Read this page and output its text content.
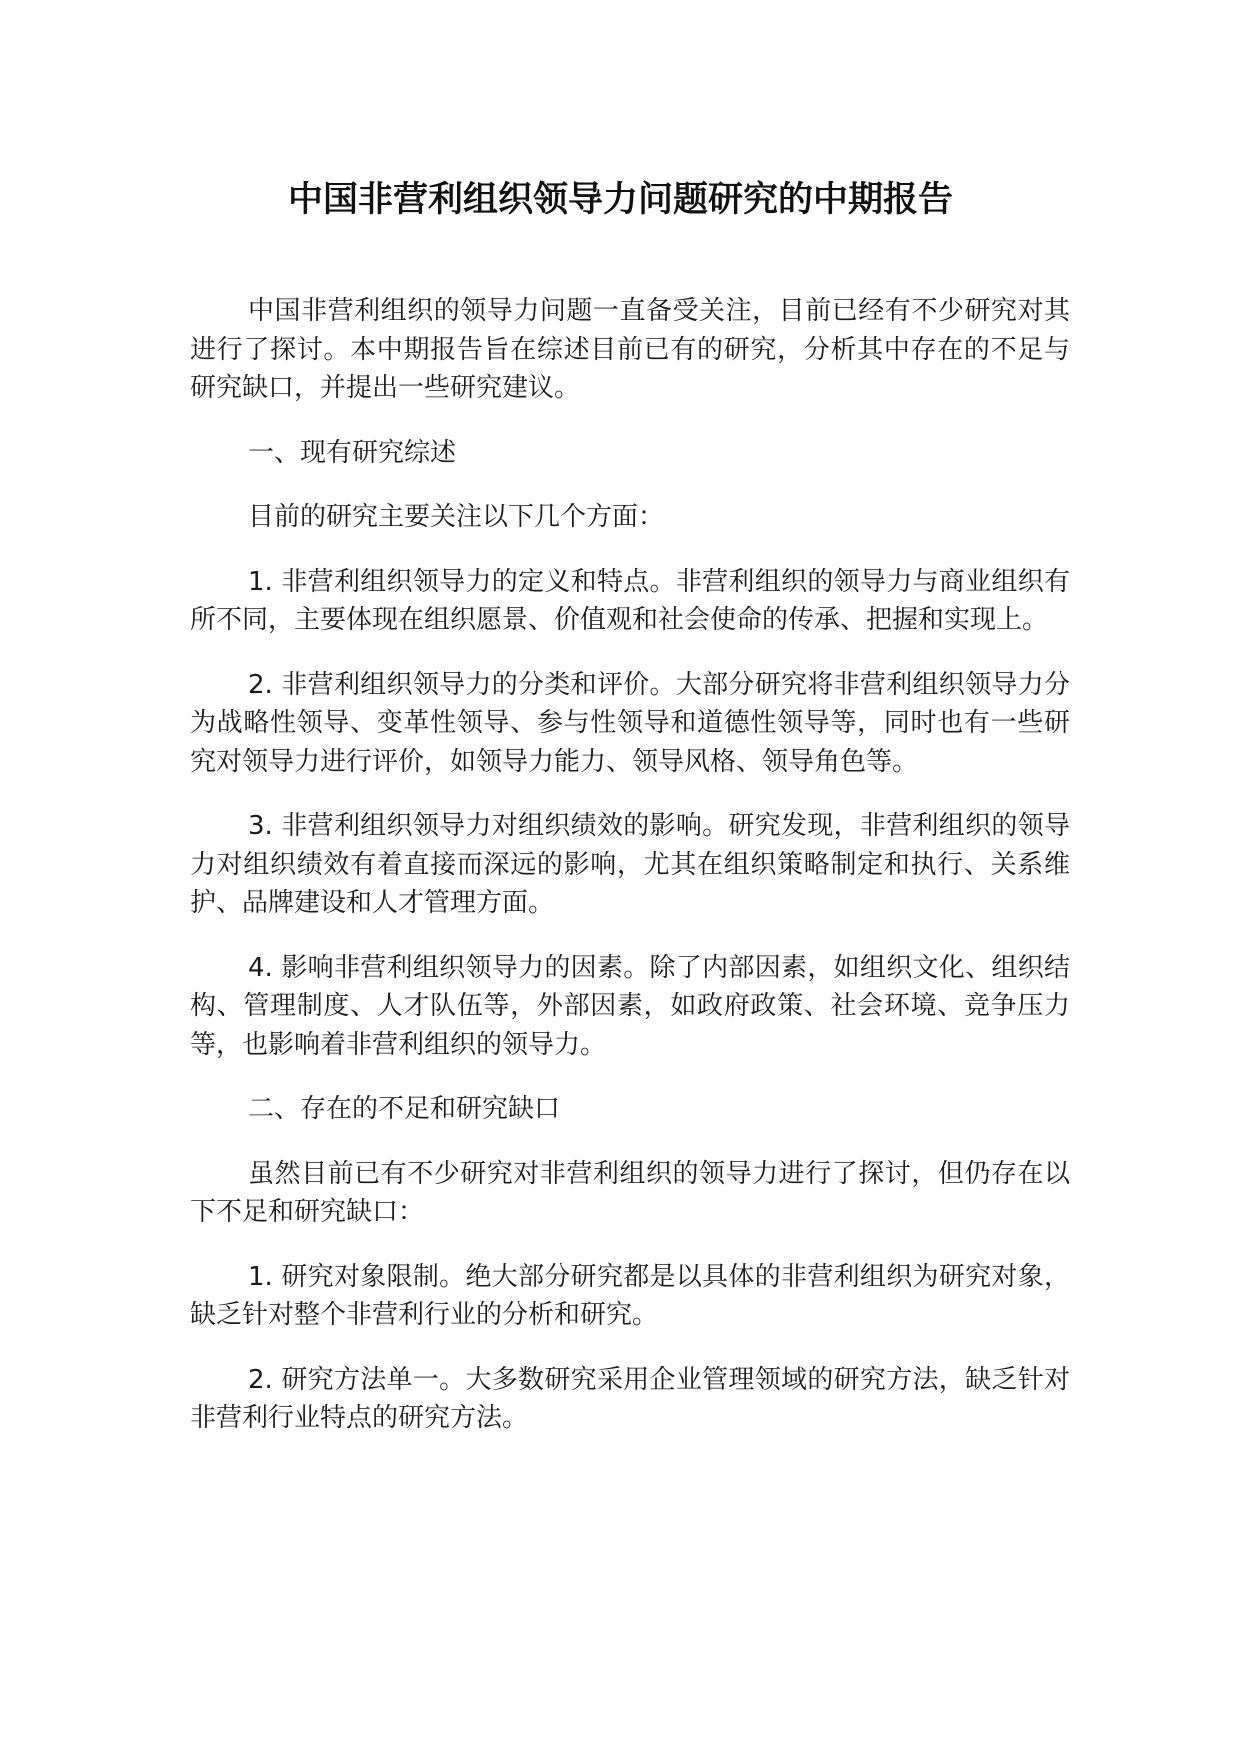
中国非营利组织领导力问题研究的中期报告

中国非营利组织的领导力问题一直备受关注，目前已经有不少研究对其进行了探讨。本中期报告旨在综述目前已有的研究，分析其中存在的不足与研究缺口，并提出一些研究建议。

一、现有研究综述

目前的研究主要关注以下几个方面：

1. 非营利组织领导力的定义和特点。非营利组织的领导力与商业组织有所不同，主要体现在组织愿景、价值观和社会使命的传承、把握和实现上。

2. 非营利组织领导力的分类和评价。大部分研究将非营利组织领导力分为战略性领导、变革性领导、参与性领导和道德性领导等，同时也有一些研究对领导力进行评价，如领导力能力、领导风格、领导角色等。

3. 非营利组织领导力对组织绩效的影响。研究发现，非营利组织的领导力对组织绩效有着直接而深远的影响，尤其在组织策略制定和执行、关系维护、品牌建设和人才管理方面。

4. 影响非营利组织领导力的因素。除了内部因素，如组织文化、组织结构、管理制度、人才队伍等，外部因素，如政府政策、社会环境、竞争压力等，也影响着非营利组织的领导力。

二、存在的不足和研究缺口

虽然目前已有不少研究对非营利组织的领导力进行了探讨，但仍存在以下不足和研究缺口：

1. 研究对象限制。绝大部分研究都是以具体的非营利组织为研究对象，缺乏针对整个非营利行业的分析和研究。

2. 研究方法单一。大多数研究采用企业管理领域的研究方法，缺乏针对非营利行业特点的研究方法。
